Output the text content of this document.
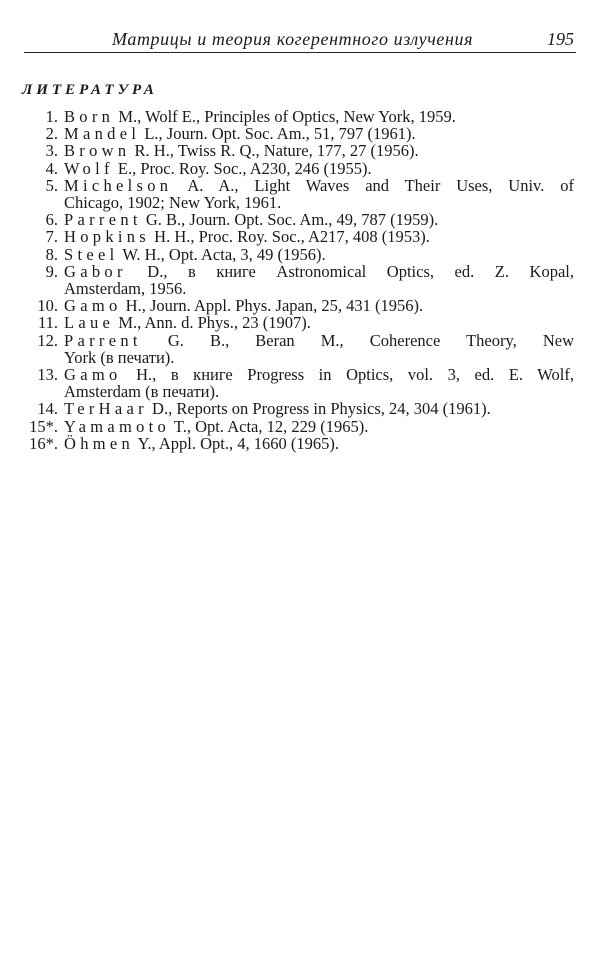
Матрицы и теория когерентного излучения	195
ЛИТЕРАТУРА
1. Born M., Wolf E., Principles of Optics, New York, 1959.
2. Mandel L., Journ. Opt. Soc. Am., 51, 797 (1961).
3. Brown R. H., Twiss R. Q., Nature, 177, 27 (1956).
4. Wolf E., Proc. Roy. Soc., A230, 246 (1955).
5. Michelson A. A., Light Waves and Their Uses, Univ. of
Chicago, 1902; New York, 1961.
6. Parrent G. B., Journ. Opt. Soc. Am., 49, 787 (1959).
7. Hopkins H. H., Proc. Roy. Soc., A217, 408 (1953).
8. Steel W. H., Opt. Acta, 3, 49 (1956).
9. Gabor D., в книге Astronomical Optics, ed. Z. Kopal,
Amsterdam, 1956.
10. Gamo H., Journ. Appl. Phys. Japan, 25, 431 (1956).
11. Laue M., Ann. d. Phys., 23 (1907).
12. Parrent G. B., Beran M., Coherence Theory, New
York (в печати).
13. Gamo H., в книге Progress in Optics, vol. 3, ed. E. Wolf,
Amsterdam (в печати).
14. TerHaar D., Reports on Progress in Physics, 24, 304 (1961).
15*. Yamamoto T., Opt. Acta, 12, 229 (1965).
16*. Öhmen Y., Appl. Opt., 4, 1660 (1965).
